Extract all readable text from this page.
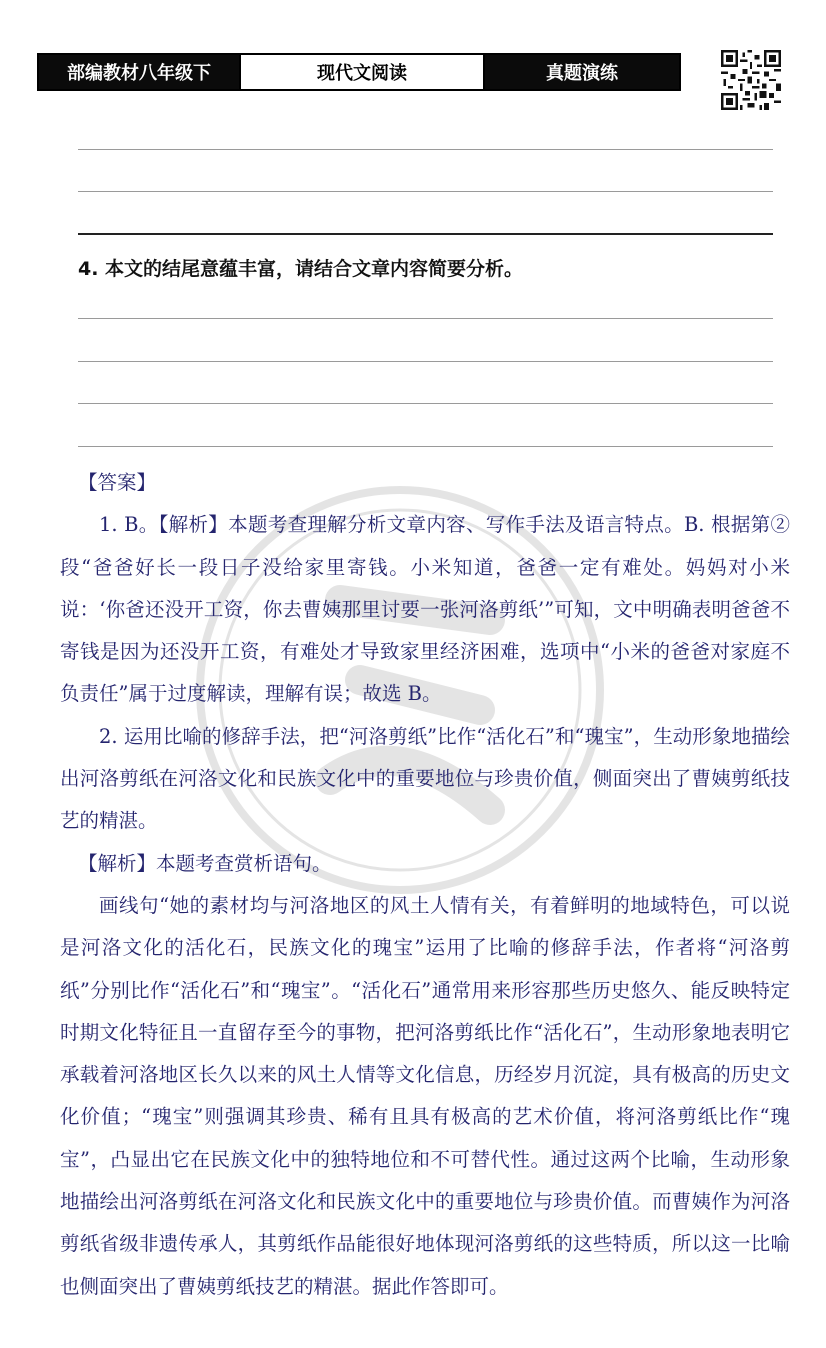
部编教材八年级下	现代文阅读	真题演练
4. 本文的结尾意蕴丰富，请结合文章内容简要分析。

【答案】

1. B。【解析】本题考查理解分析文章内容、写作手法及语言特点。B. 根据第②段“爸爸好长一段日子没给家里寄钱。小米知道，爸爸一定有难处。妈妈对小米说：‘你爸还没开工资，你去曹姨那里讨要一张河洛剪纸’”可知，文中明确表明爸爸不寄钱是因为还没开工资，有难处才导致家里经济困难，选项中“小米的爸爸对家庭不负责任”属于过度解读，理解有误；故选 B。

2. 运用比喻的修辞手法，把“河洛剪纸”比作“活化石”和“瑰宝”，生动形象地描绘出河洛剪纸在河洛文化和民族文化中的重要地位与珍贵价值，侧面突出了曹姨剪纸技艺的精湛。

【解析】本题考查赏析语句。

画线句“她的素材均与河洛地区的风土人情有关，有着鲜明的地域特色，可以说是河洛文化的活化石，民族文化的瑰宝”运用了比喻的修辞手法，作者将“河洛剪纸”分别比作“活化石”和“瑰宝”。“活化石”通常用来形容那些历史悠久、能反映特定时期文化特征且一直留存至今的事物，把河洛剪纸比作“活化石”，生动形象地表明它承载着河洛地区长久以来的风土人情等文化信息，历经岁月沉淀，具有极高的历史文化价值；“瑰宝”则强调其珍贵、稀有且具有极高的艺术价值，将河洛剪纸比作“瑰宝”，凸显出它在民族文化中的独特地位和不可替代性。通过这两个比喻，生动形象地描绘出河洛剪纸在河洛文化和民族文化中的重要地位与珍贵价值。而曹姨作为河洛剪纸省级非遗传承人，其剪纸作品能很好地体现河洛剪纸的这些特质，所以这一比喻也侧面突出了曹姨剪纸技艺的精湛。据此作答即可。
